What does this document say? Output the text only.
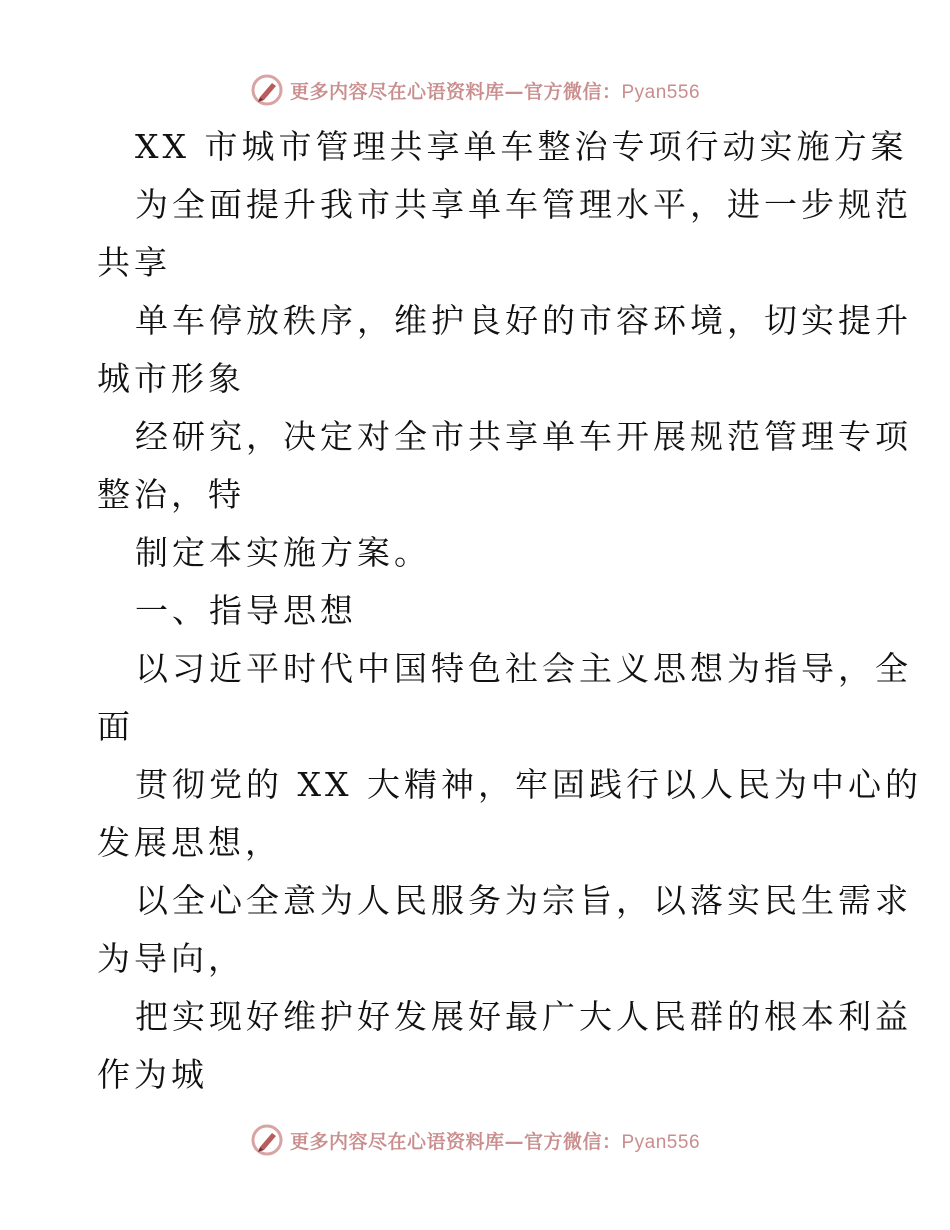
更多内容尽在心语资料库—官方微信：Pyan556
XX 市城市管理共享单车整治专项行动实施方案
为全面提升我市共享单车管理水平，进一步规范
共享
单车停放秩序，维护良好的市容环境，切实提升
城市形象
经研究，决定对全市共享单车开展规范管理专项
整治，特
制定本实施方案。
一、指导思想
以习近平时代中国特色社会主义思想为指导，全
面
贯彻党的 XX 大精神，牢固践行以人民为中心的
发展思想，
以全心全意为人民服务为宗旨，以落实民生需求
为导向，
把实现好维护好发展好最广大人民群的根本利益
作为城
更多内容尽在心语资料库—官方微信：Pyan556
